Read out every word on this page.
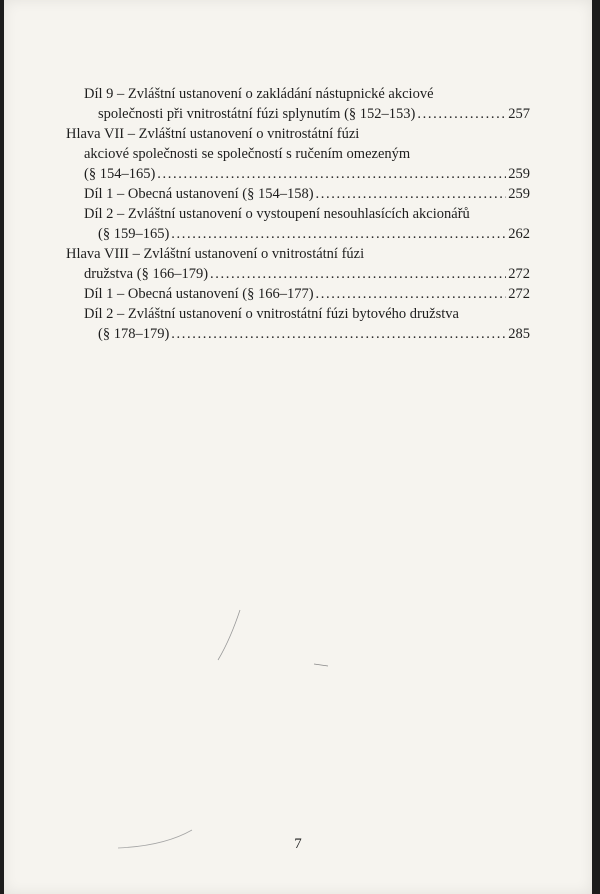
Díl 9 – Zvláštní ustanovení o zakládání nástupnické akciové
společnosti při vnitrostátní fúzi splynutím (§ 152–153) . . .	257
Hlava VII – Zvláštní ustanovení o vnitrostátní fúzi
akciové společnosti se společností s ručením omezeným
(§ 154–165) . . .	259
Díl 1 – Obecná ustanovení (§ 154–158) . . .	259
Díl 2 – Zvláštní ustanovení o vystoupení nesouhlasících akcionářů
(§ 159–165) . . .	262
Hlava VIII – Zvláštní ustanovení o vnitrostátní fúzi
družstva (§ 166–179) . . .	272
Díl 1 – Obecná ustanovení (§ 166–177) . . .	272
Díl 2 – Zvláštní ustanovení o vnitrostátní fúzi bytového družstva
(§ 178–179) . . .	285
7
